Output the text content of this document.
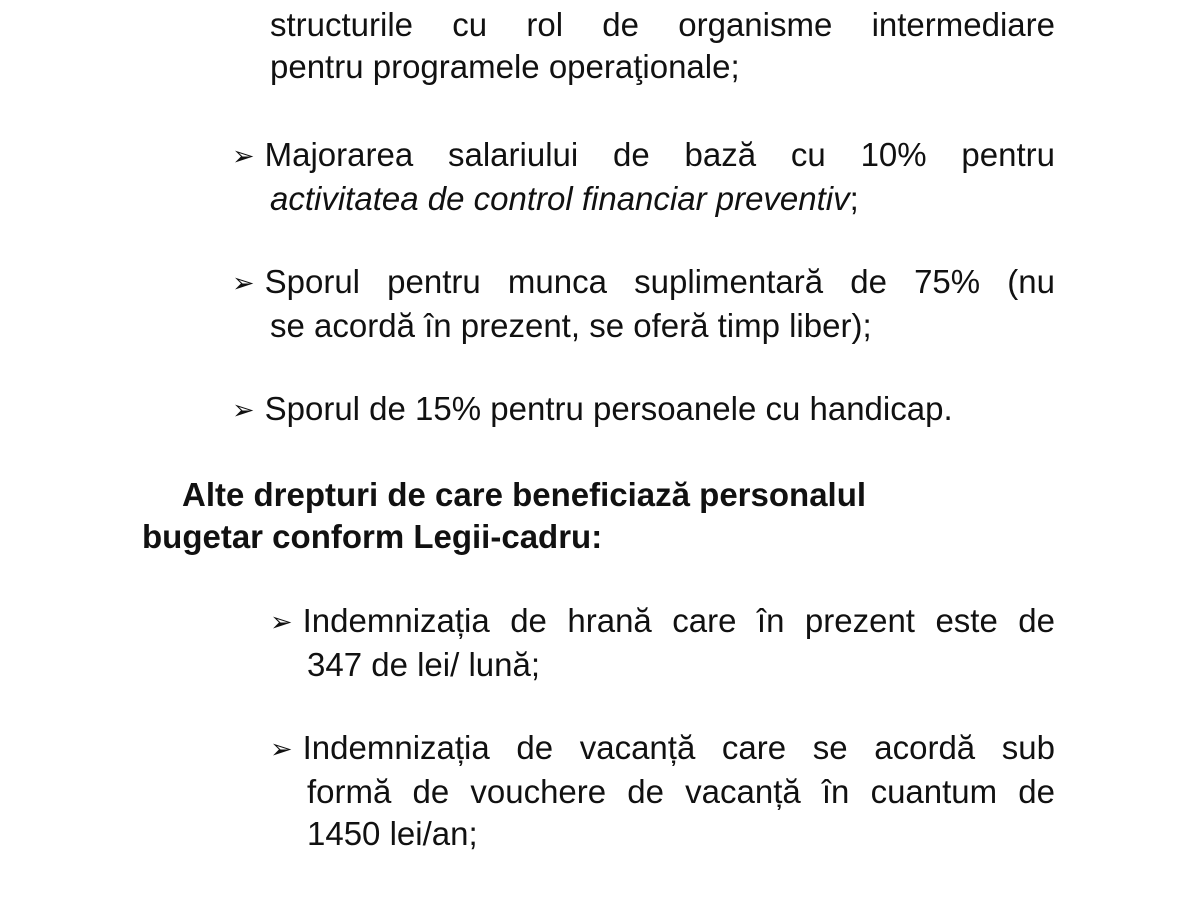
structurile cu rol de organisme intermediare
pentru programele operaţionale;
➢ Majorarea salariului de bază cu 10% pentru
activitatea de control financiar preventiv;
➢ Sporul pentru munca suplimentară de 75% (nu
se acordă în prezent, se oferă timp liber);
➢ Sporul de 15% pentru persoanele cu handicap.
Alte drepturi de care beneficiază personalul
bugetar conform Legii-cadru:
➢ Indemnizația de hrană care în prezent este de
347 de lei/ lună;
➢ Indemnizația de vacanță care se acordă sub
formă de vouchere de vacanță în cuantum de
1450 lei/an;
